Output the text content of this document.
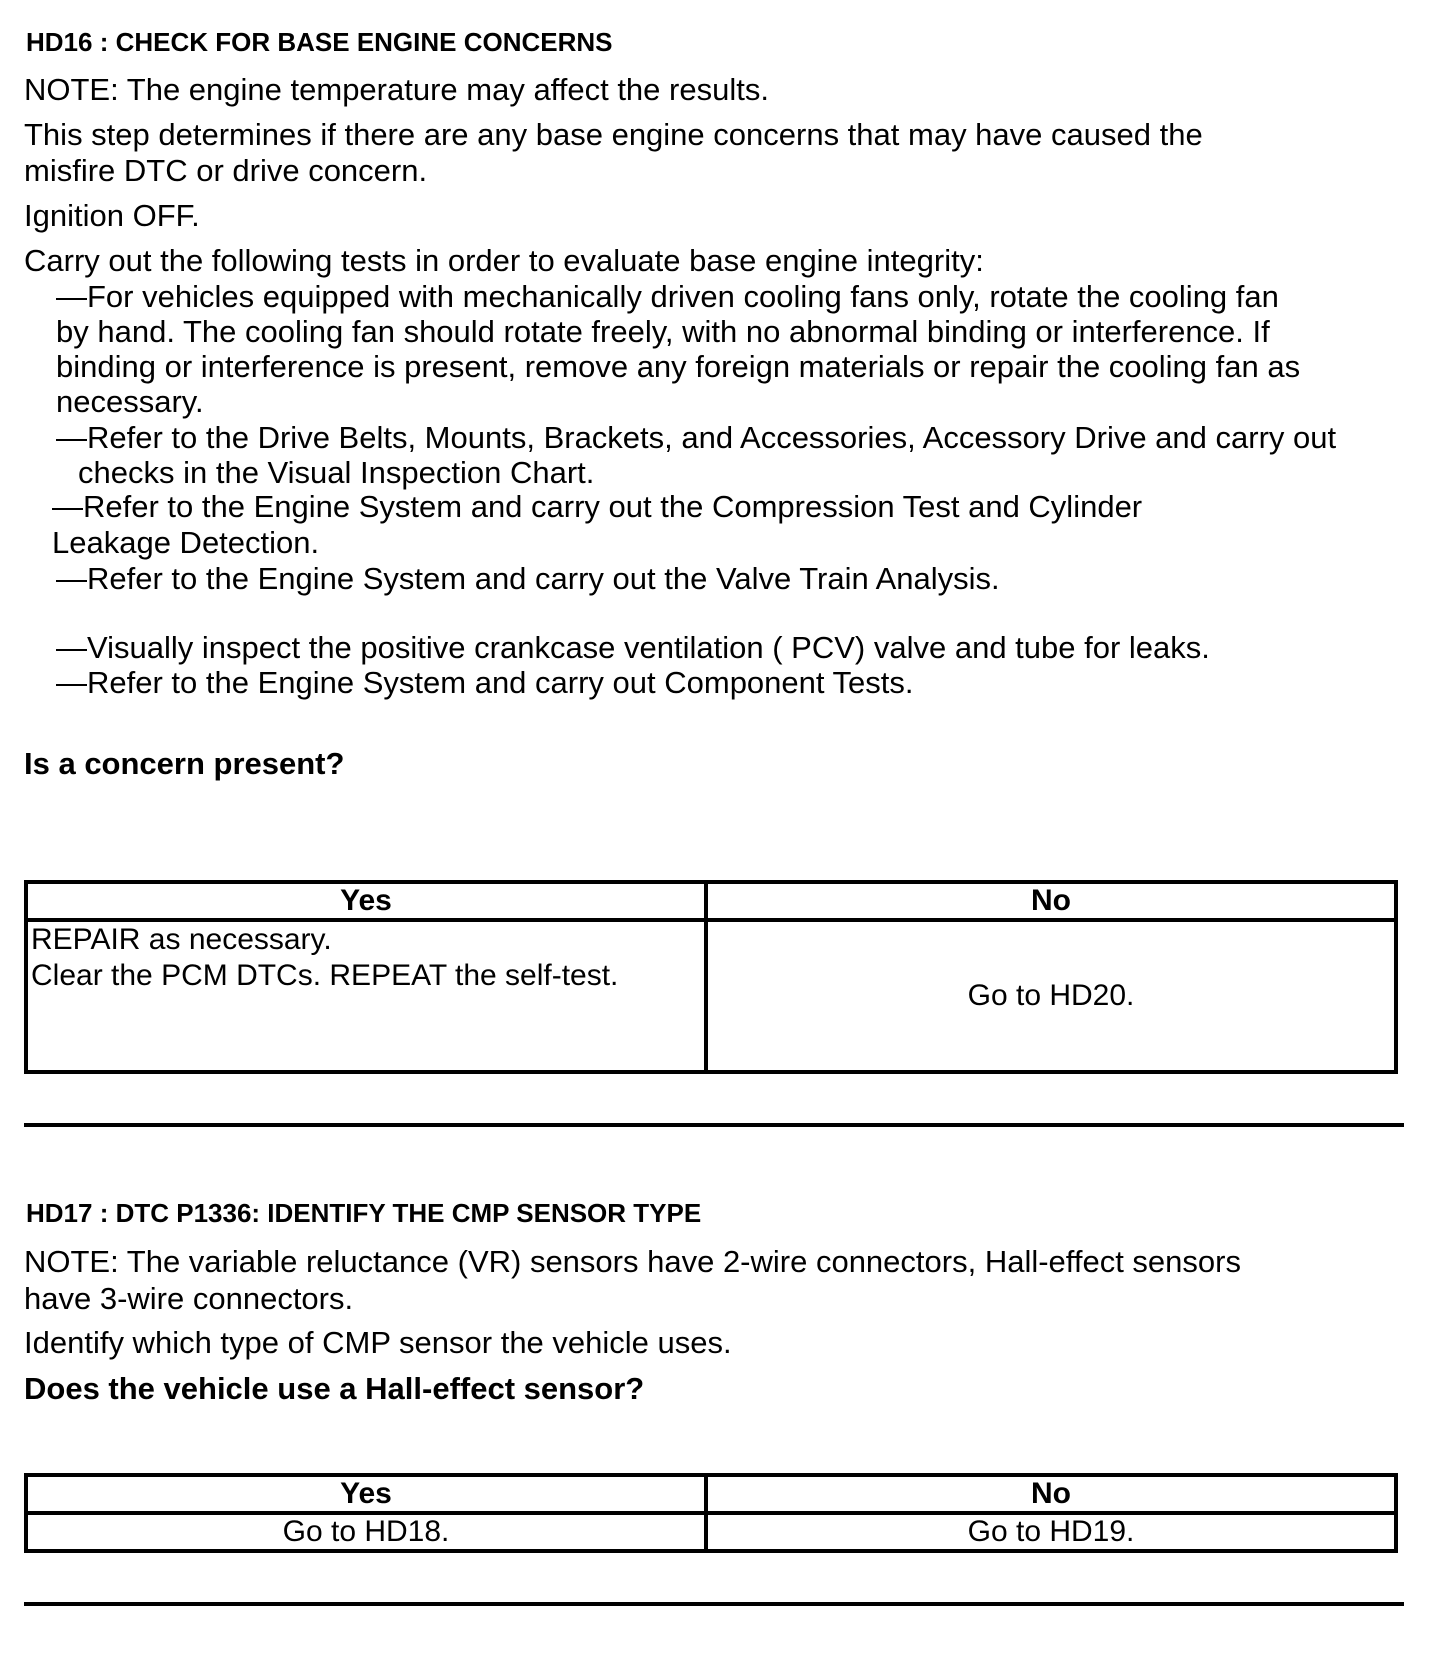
HD16 : CHECK FOR BASE ENGINE CONCERNS
NOTE: The engine temperature may affect the results.
This step determines if there are any base engine concerns that may have caused the
misfire DTC or drive concern.
Ignition OFF.
Carry out the following tests in order to evaluate base engine integrity:
—For vehicles equipped with mechanically driven cooling fans only, rotate the cooling fan
by hand. The cooling fan should rotate freely, with no abnormal binding or interference. If
binding or interference is present, remove any foreign materials or repair the cooling fan as
necessary.
—Refer to the Drive Belts, Mounts, Brackets, and Accessories, Accessory Drive and carry out
checks in the Visual Inspection Chart.
—Refer to the Engine System and carry out the Compression Test and Cylinder
Leakage Detection.
—Refer to the Engine System and carry out the Valve Train Analysis.
—Visually inspect the positive crankcase ventilation ( PCV) valve and tube for leaks.
—Refer to the Engine System and carry out Component Tests.
Is a concern present?
Yes	No

REPAIR as necessary.
Clear the PCM DTCs. REPEAT the self-test.	Go to HD20.
HD17 : DTC P1336: IDENTIFY THE CMP SENSOR TYPE
NOTE: The variable reluctance (VR) sensors have 2-wire connectors, Hall-effect sensors
have 3-wire connectors.
Identify which type of CMP sensor the vehicle uses.
Does the vehicle use a Hall-effect sensor?
Yes	No
Go to HD18.	Go to HD19.
